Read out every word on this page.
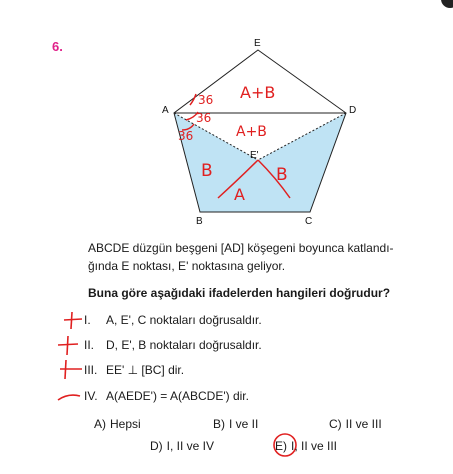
6.	E
A	D
E'
B	C
36
36
36
A+B
A+B
B
A
B
ABCDE düzgün beşgeni [AD] köşegeni boyunca katlandı-
ğında E noktası, E' noktasına geliyor.
Buna göre aşağıdaki ifadelerden hangileri doğrudur?
I. A, E', C noktaları doğrusaldır.
II. D, E', B noktaları doğrusaldır.
III. EE' ⊥ [BC] dir.
IV. A(AEDE') = A(ABCDE') dir.
A) Hepsi	B) I ve II	C) II ve III
D) I, II ve IV	E) I, II ve III
